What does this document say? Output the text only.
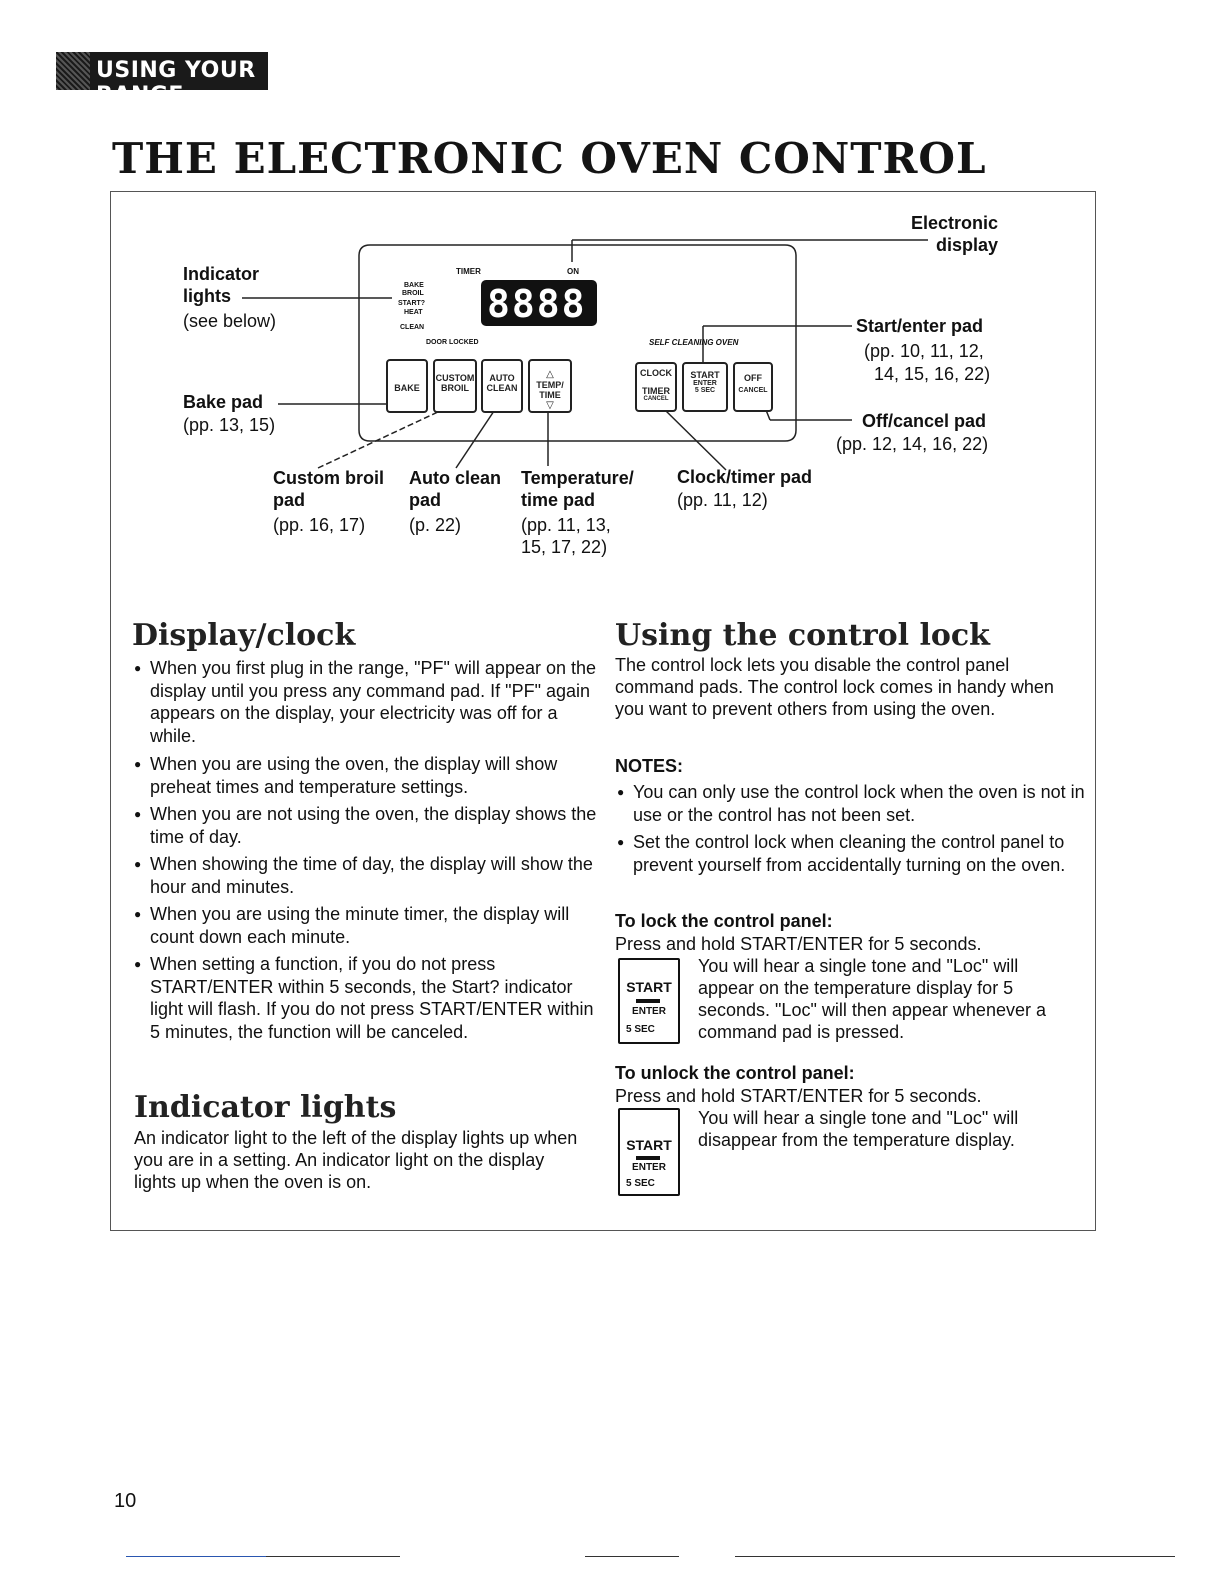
USING YOUR RANGE
THE ELECTRONIC OVEN CONTROL
TIMER	ON
BAKE
BROIL
START?
HEAT
CLEAN
DOOR LOCKED
8888
SELF CLEANING OVEN
BAKE
CUSTOM BROIL
AUTO CLEAN
△
TEMP/ TIME
▽
CLOCK
TIMER
CANCEL
START
ENTER
5 SEC
OFF
CANCEL
Indicator lights
(see below)
Bake pad
(pp. 13, 15)
Electronic display
Start/enter pad
(pp. 10, 11, 12,
14, 15, 16, 22)
Off/cancel pad
(pp. 12, 14, 16, 22)
Custom broil pad
(pp. 16, 17)
Auto clean pad
(p. 22)
Temperature/ time pad
(pp. 11, 13, 15, 17, 22)
Clock/timer pad
(pp. 11, 12)
Display/clock
● When you first plug in the range, "PF" will appear on the display until you press any command pad. If "PF" again appears on the display, your electricity was off for a while.
● When you are using the oven, the display will show preheat times and temperature settings.
● When you are not using the oven, the display shows the time of day.
● When showing the time of day, the display will show the hour and minutes.
● When you are using the minute timer, the display will count down each minute.
● When setting a function, if you do not press START/ENTER within 5 seconds, the Start? indicator light will flash. If you do not press START/ENTER within 5 minutes, the function will be canceled.
Indicator lights
An indicator light to the left of the display lights up when you are in a setting. An indicator light on the display lights up when the oven is on.
Using the control lock
The control lock lets you disable the control panel command pads. The control lock comes in handy when you want to prevent others from using the oven.
NOTES:
● You can only use the control lock when the oven is not in use or the control has not been set.
● Set the control lock when cleaning the control panel to prevent yourself from accidentally turning on the oven.
To lock the control panel:
Press and hold START/ENTER for 5 seconds.
START
ENTER
5 SEC
You will hear a single tone and "Loc" will appear on the temperature display for 5 seconds. "Loc" will then appear whenever a command pad is pressed.
To unlock the control panel:
Press and hold START/ENTER for 5 seconds.
START
ENTER
5 SEC
You will hear a single tone and "Loc" will disappear from the temperature display.
10
